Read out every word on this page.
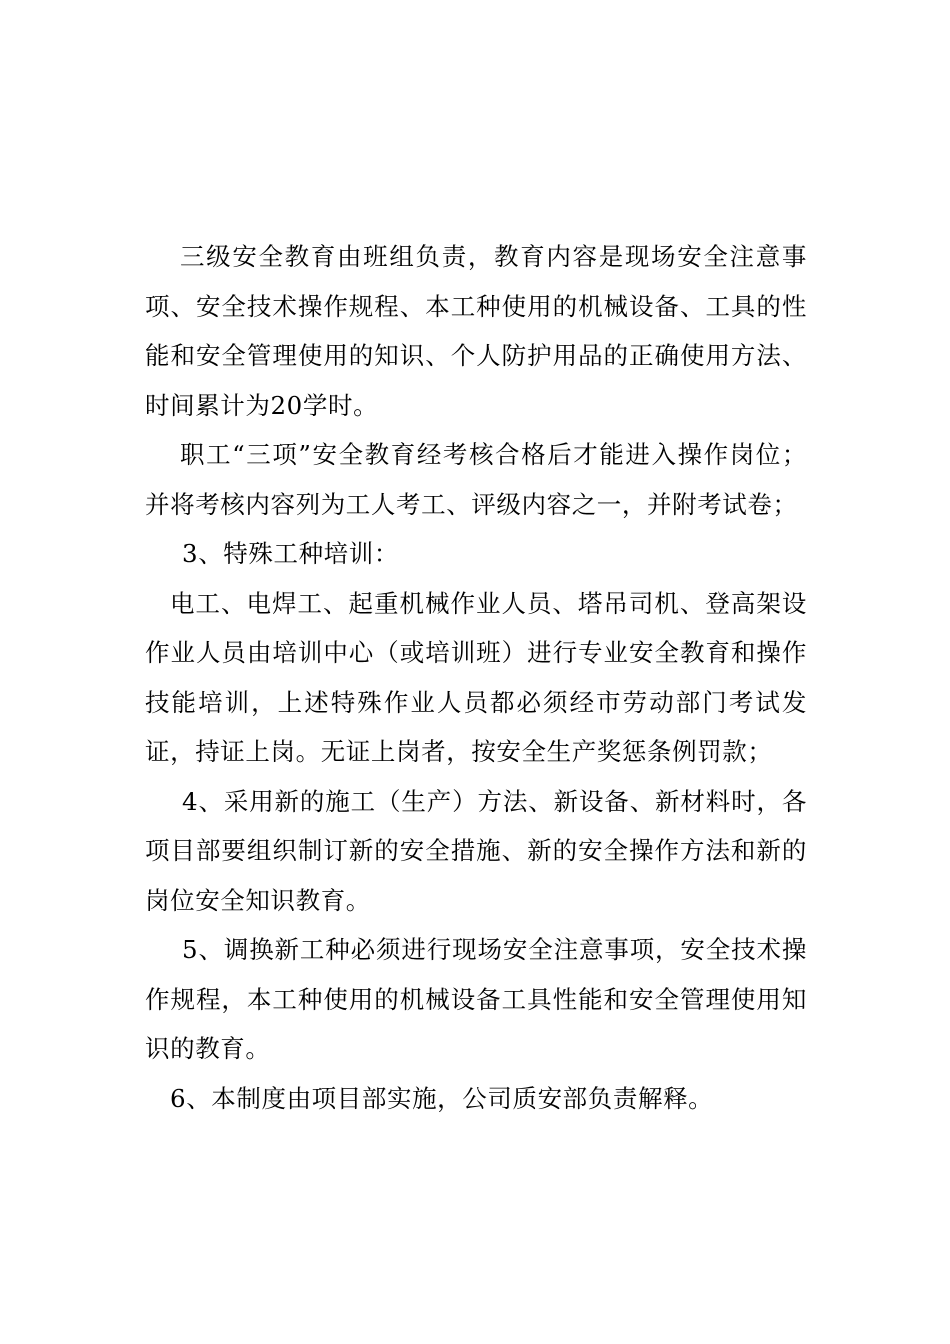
三级安全教育由班组负责，教育内容是现场安全注意事项、安全技术操作规程、本工种使用的机械设备、工具的性能和安全管理使用的知识、个人防护用品的正确使用方法、时间累计为20学时。

职工“三项”安全教育经考核合格后才能进入操作岗位；并将考核内容列为工人考工、评级内容之一，并附考试卷；

3、特殊工种培训：

电工、电焊工、起重机械作业人员、塔吊司机、登高架设作业人员由培训中心（或培训班）进行专业安全教育和操作技能培训，上述特殊作业人员都必须经市劳动部门考试发证，持证上岗。无证上岗者，按安全生产奖惩条例罚款；

4、采用新的施工（生产）方法、新设备、新材料时，各项目部要组织制订新的安全措施、新的安全操作方法和新的岗位安全知识教育。

5、调换新工种必须进行现场安全注意事项，安全技术操作规程，本工种使用的机械设备工具性能和安全管理使用知识的教育。

6、本制度由项目部实施，公司质安部负责解释。
